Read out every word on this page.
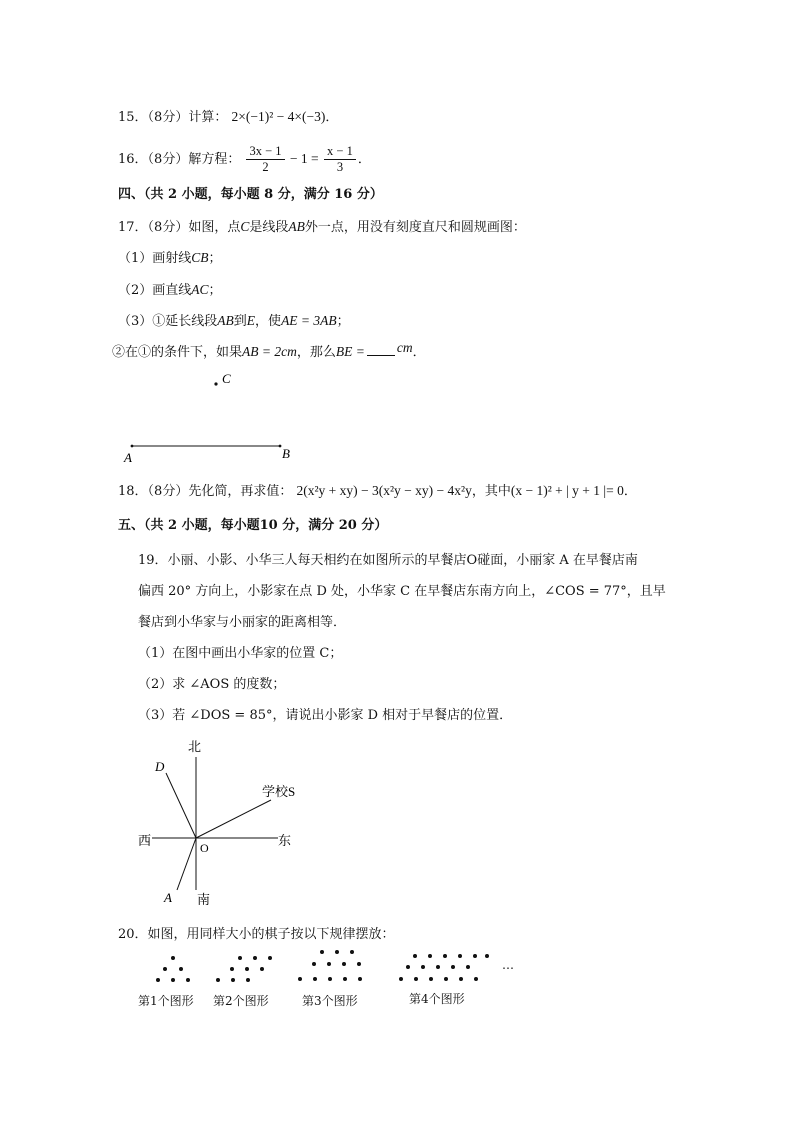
15．（8分）计算： 2×(−1)² − 4×(−3)．
16．（8分）解方程： $\frac{3x - 1}{2} - 1 = \frac{x - 1}{3}$ ．
四、（共 2 小题，每小题 8 分，满分 16 分）
17．（8分）如图，点C是线段AB外一点，用没有刻度直尺和圆规画图：
（1）画射线CB；
（2）画直线AC；
（3）①延长线段AB到E，使AE = 3AB；
②在①的条件下，如果AB = 2cm，那么BE = cm．
C
A	B
18．（8分）先化简，再求值： 2(x²y + xy) − 3(x²y − xy) − 4x²y，其中(x − 1)² + | y + 1 |= 0．
五、（共 2 小题，每小题10 分，满分 20 分）
19．小丽、小影、小华三人每天相约在如图所示的早餐店O碰面，小丽家 A 在早餐店南
偏西 20° 方向上，小影家在点 D 处，小华家 C 在早餐店东南方向上，∠COS = 77°，且早
餐店到小华家与小丽家的距离相等．
（1）在图中画出小华家的位置 C；
（2）求 ∠AOS 的度数；
（3）若 ∠DOS = 85°，请说出小影家 D 相对于早餐店的位置．
北
南
东
西
D
A
O
学校S
20．如图，用同样大小的棋子按以下规律摆放：
…
第1个图形 第2个图形	第3个图形	第4个图形
